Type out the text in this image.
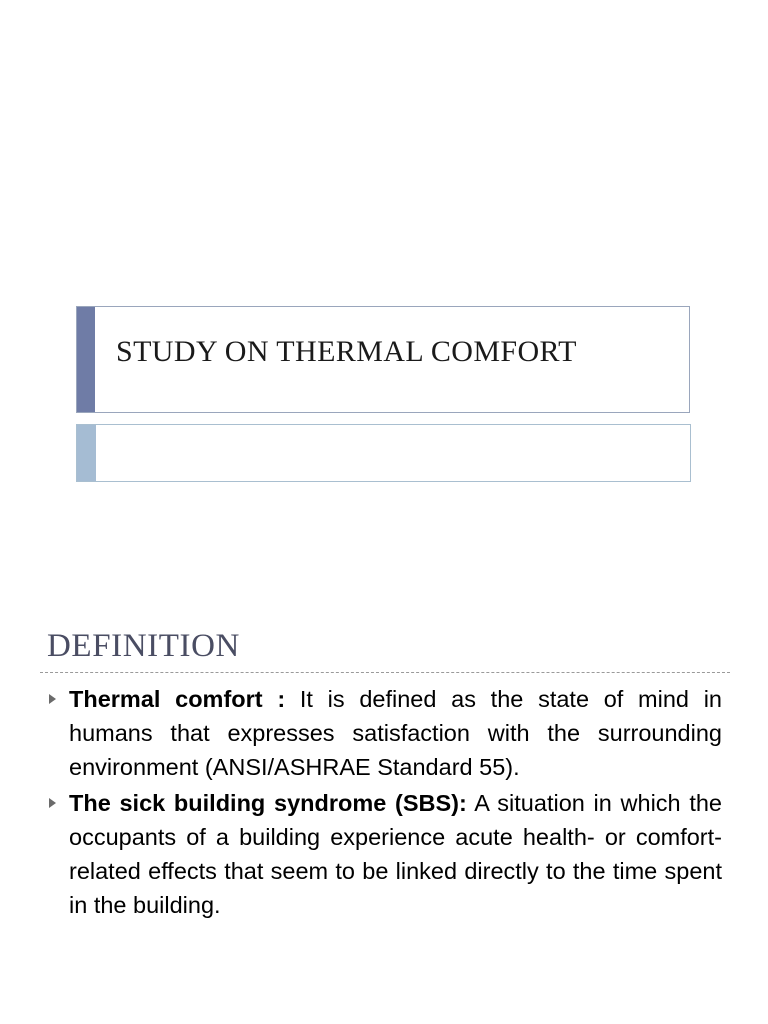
STUDY ON THERMAL COMFORT
DEFINITION
Thermal comfort : It is defined as the state of mind in humans that expresses satisfaction with the surrounding environment (ANSI/ASHRAE Standard 55).
The sick building syndrome (SBS): A situation in which the occupants of a building experience acute health- or comfort-related effects that seem to be linked directly to the time spent in the building.
